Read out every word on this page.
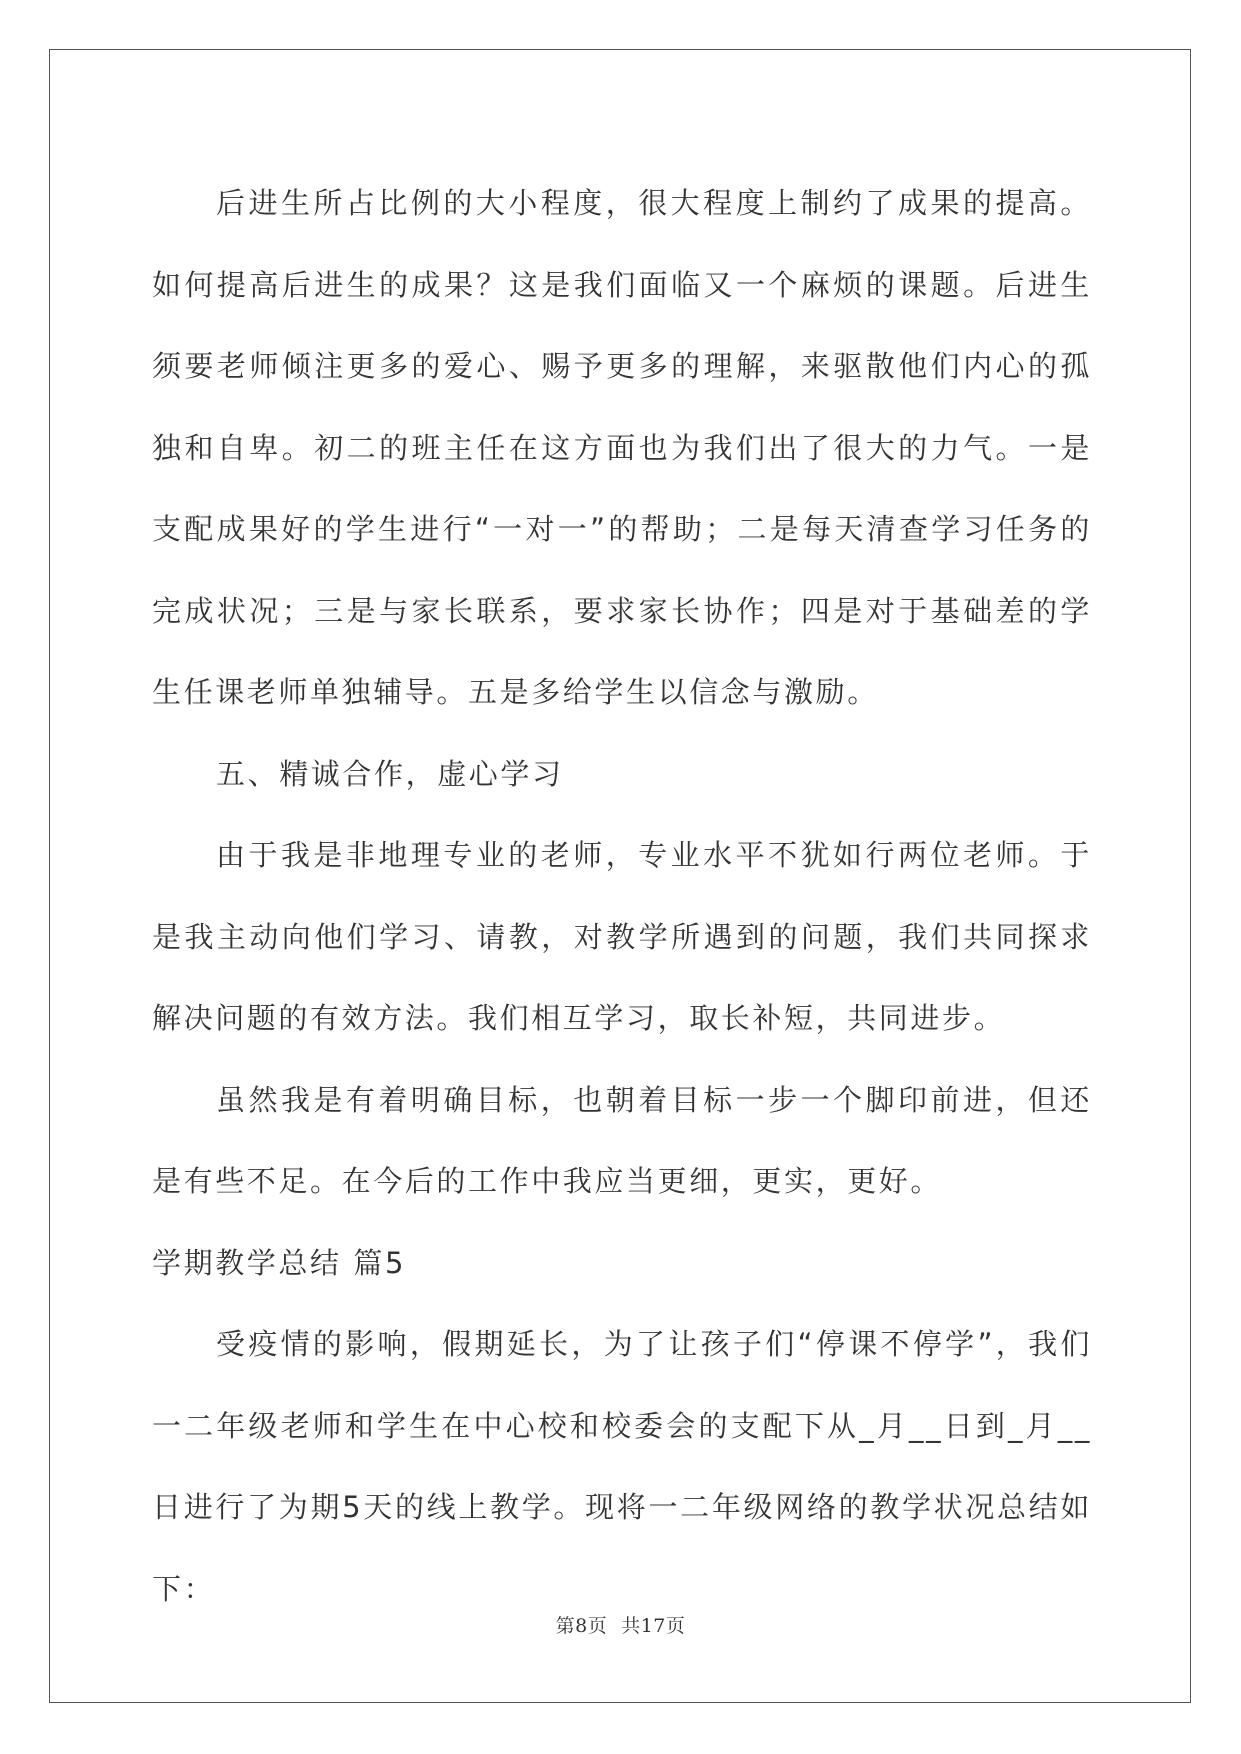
后进生所占比例的大小程度，很大程度上制约了成果的提高。如何提高后进生的成果？这是我们面临又一个麻烦的课题。后进生须要老师倾注更多的爱心、赐予更多的理解，来驱散他们内心的孤独和自卑。初二的班主任在这方面也为我们出了很大的力气。一是支配成果好的学生进行“一对一”的帮助；二是每天清查学习任务的完成状况；三是与家长联系，要求家长协作；四是对于基础差的学生任课老师单独辅导。五是多给学生以信念与激励。

五、精诚合作，虚心学习

由于我是非地理专业的老师，专业水平不犹如行两位老师。于是我主动向他们学习、请教，对教学所遇到的问题，我们共同探求解决问题的有效方法。我们相互学习，取长补短，共同进步。

虽然我是有着明确目标，也朝着目标一步一个脚印前进，但还是有些不足。在今后的工作中我应当更细，更实，更好。

学期教学总结 篇5

受疫情的影响，假期延长，为了让孩子们“停课不停学”，我们一二年级老师和学生在中心校和校委会的支配下从_月__日到_月__日进行了为期5天的线上教学。现将一二年级网络的教学状况总结如下：

第8页 共17页
